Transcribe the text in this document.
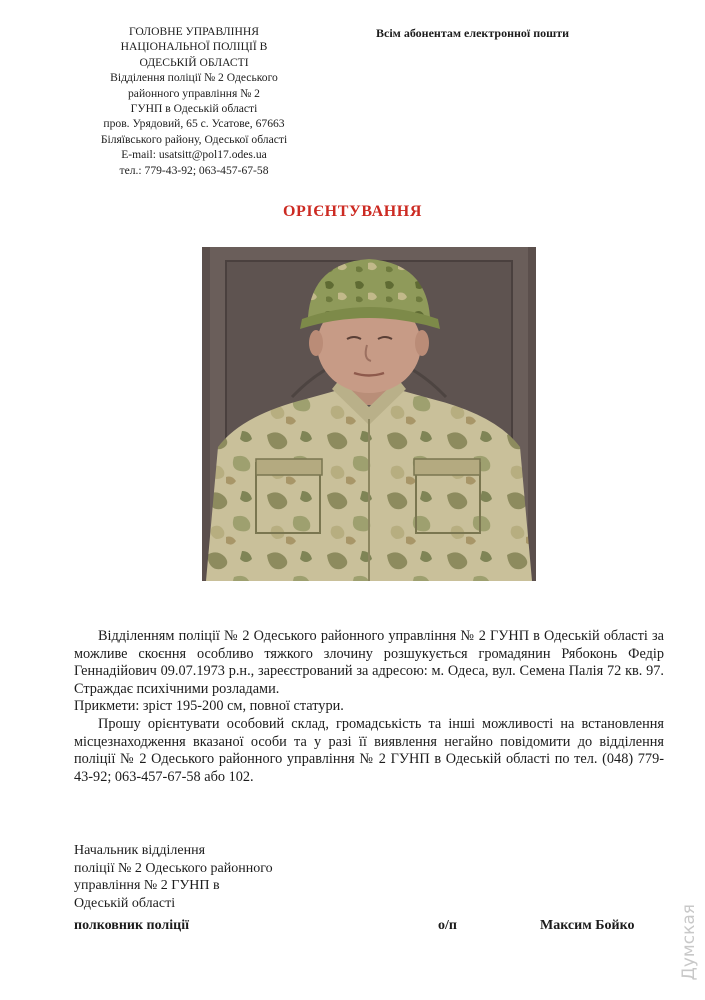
ГОЛОВНЕ УПРАВЛІННЯ
НАЦІОНАЛЬНОЇ ПОЛІЦІЇ В
ОДЕСЬКІЙ ОБЛАСТІ
Відділення поліції № 2 Одеського
районного управління № 2
ГУНП в Одеській області
пров. Урядовий, 65 с. Усатове, 67663
Біляївського району, Одеської області
E-mail: usatsitt@pol17.odes.ua
тел.: 779-43-92; 063-457-67-58
Всім абонентам електронної пошти
ОРІЄНТУВАННЯ

Відділенням поліції № 2 Одеського районного управління № 2 ГУНП в Одеській області за можливе скоєння особливо тяжкого злочину розшукується громадянин Рябоконь Федір Геннадійович 09.07.1973 р.н., зареєстрований за адресою: м. Одеса, вул. Семена Палія 72 кв. 97. Страждає психічними розладами.

Прикмети: зріст 195-200 см, повної статури.

Прошу орієнтувати особовий склад, громадськість та інші можливості на встановлення місцезнаходження вказаної особи та у разі її виявлення негайно повідомити до відділення поліції № 2 Одеського районного управління № 2 ГУНП в Одеській області по тел. (048) 779-43-92; 063-457-67-58 або 102.

Начальник відділення
поліції № 2 Одеського районного
управління № 2 ГУНП в
Одеській області
полковник поліції	о/п	Максим Бойко	Думская
